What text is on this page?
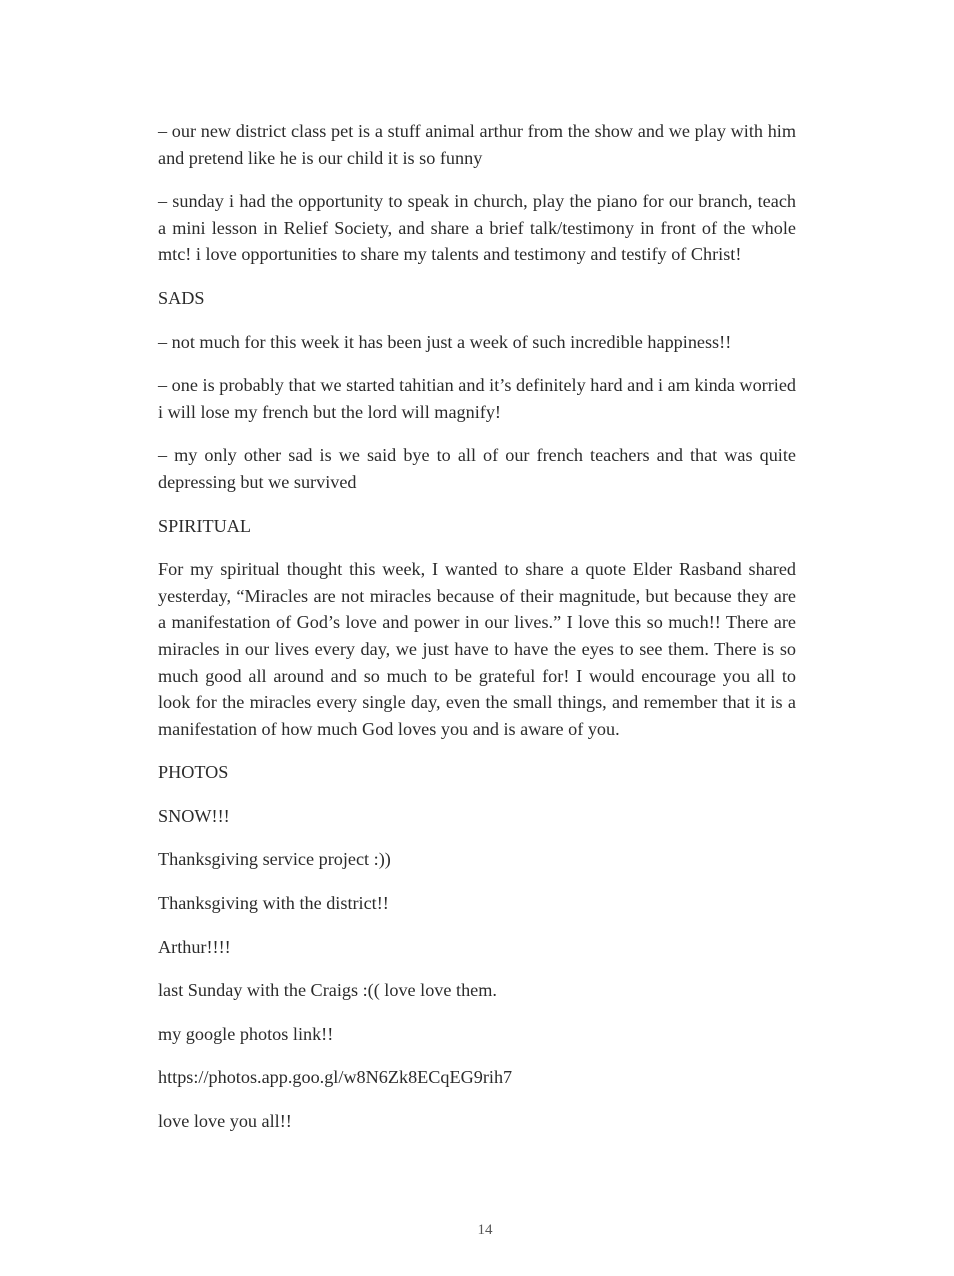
– our new district class pet is a stuff animal arthur from the show and we play with him and pretend like he is our child it is so funny

– sunday i had the opportunity to speak in church, play the piano for our branch, teach a mini lesson in Relief Society, and share a brief talk/testimony in front of the whole mtc! i love opportunities to share my talents and testimony and testify of Christ!

SADS

– not much for this week it has been just a week of such incredible happiness!!

– one is probably that we started tahitian and it’s definitely hard and i am kinda worried i will lose my french but the lord will magnify!

– my only other sad is we said bye to all of our french teachers and that was quite depressing but we survived

SPIRITUAL

For my spiritual thought this week, I wanted to share a quote Elder Rasband shared yesterday, “Miracles are not miracles because of their magnitude, but because they are a manifestation of God’s love and power in our lives.” I love this so much!! There are miracles in our lives every day, we just have to have the eyes to see them. There is so much good all around and so much to be grateful for! I would encourage you all to look for the miracles every single day, even the small things, and remember that it is a manifestation of how much God loves you and is aware of you.

PHOTOS

SNOW!!!

Thanksgiving service project :))

Thanksgiving with the district!!

Arthur!!!!

last Sunday with the Craigs :(( love love them.

my google photos link!!

https://photos.app.goo.gl/w8N6Zk8ECqEG9rih7

love love you all!!

14
